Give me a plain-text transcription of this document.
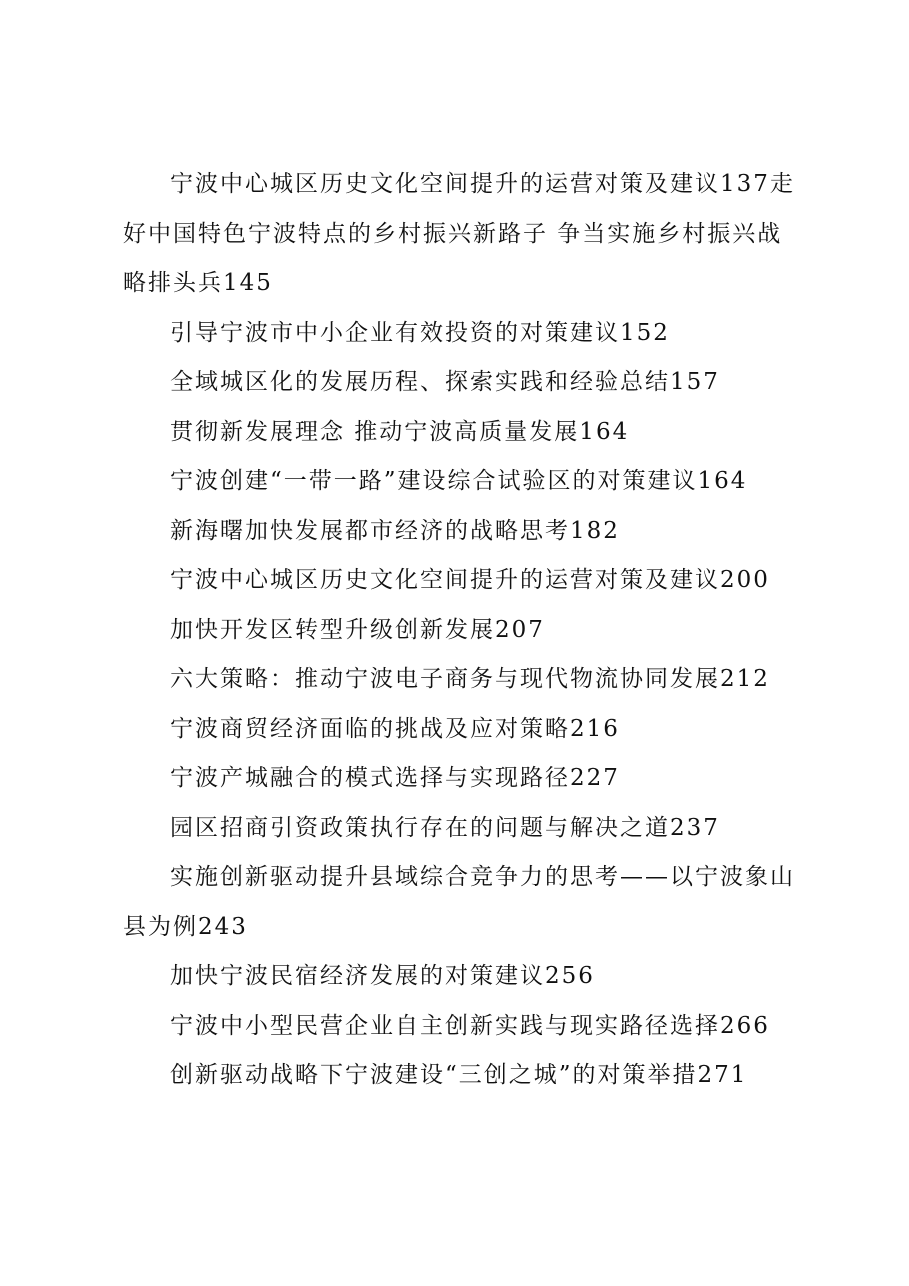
宁波中心城区历史文化空间提升的运营对策及建议137走好中国特色宁波特点的乡村振兴新路子 争当实施乡村振兴战略排头兵145

引导宁波市中小企业有效投资的对策建议152

全域城区化的发展历程、探索实践和经验总结157

贯彻新发展理念 推动宁波高质量发展164

宁波创建“一带一路”建设综合试验区的对策建议164

新海曙加快发展都市经济的战略思考182

宁波中心城区历史文化空间提升的运营对策及建议200

加快开发区转型升级创新发展207

六大策略：推动宁波电子商务与现代物流协同发展212

宁波商贸经济面临的挑战及应对策略216

宁波产城融合的模式选择与实现路径227

园区招商引资政策执行存在的问题与解决之道237

实施创新驱动提升县域综合竞争力的思考——以宁波象山县为例243

加快宁波民宿经济发展的对策建议256

宁波中小型民营企业自主创新实践与现实路径选择266

创新驱动战略下宁波建设“三创之城”的对策举措271
